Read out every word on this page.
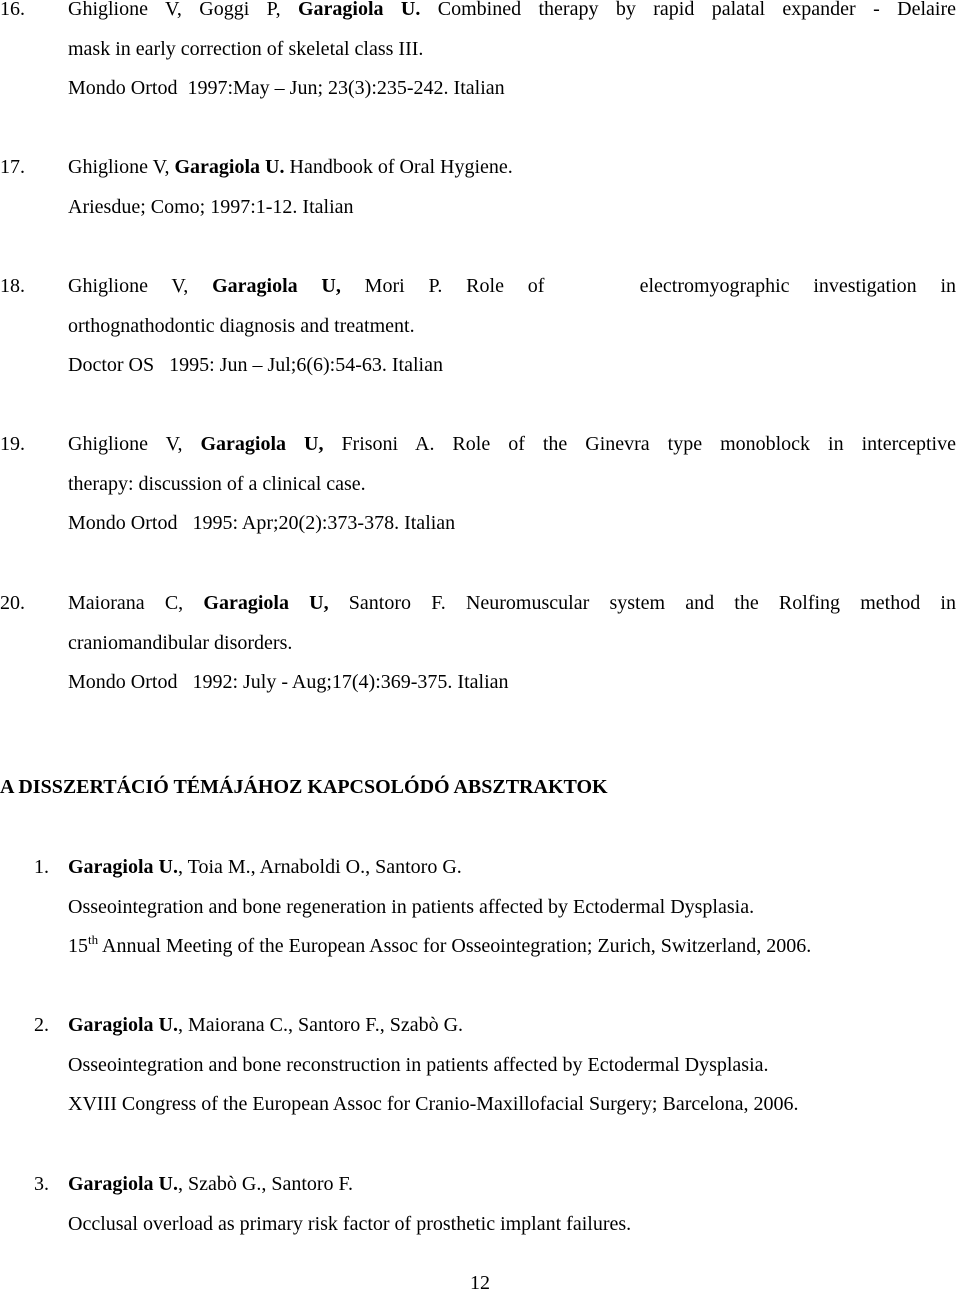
16.	Ghiglione V, Goggi P, Garagiola U. Combined therapy by rapid palatal expander - Delaire
mask in early correction of skeletal class III.
Mondo Ortod  1997:May – Jun; 23(3):235-242. Italian
17.	Ghiglione V, Garagiola U. Handbook of Oral Hygiene.
Ariesdue; Como; 1997:1-12. Italian
18.	Ghiglione V, Garagiola U, Mori P. Role of    electromyographic investigation in
orthognathodontic diagnosis and treatment.
Doctor OS   1995: Jun – Jul;6(6):54-63. Italian
19.	Ghiglione V, Garagiola U, Frisoni A. Role of the Ginevra type monoblock in interceptive
therapy: discussion of a clinical case.
Mondo Ortod   1995: Apr;20(2):373-378. Italian
20.	Maiorana C, Garagiola U, Santoro F. Neuromuscular system and the Rolfing method in
craniomandibular disorders.
Mondo Ortod   1992: July - Aug;17(4):369-375. Italian
A DISSZERTÁCIÓ TÉMÁJÁHOZ KAPCSOLÓDÓ ABSZTRAKTOK
1. Garagiola U., Toia M., Arnaboldi O., Santoro G.
Osseointegration and bone regeneration in patients affected by Ectodermal Dysplasia.
15th Annual Meeting of the European Assoc for Osseointegration; Zurich, Switzerland, 2006.
2. Garagiola U., Maiorana C., Santoro F., Szabò G.
Osseointegration and bone reconstruction in patients affected by Ectodermal Dysplasia.
XVIII Congress of the European Assoc for Cranio-Maxillofacial Surgery; Barcelona, 2006.
3. Garagiola U., Szabò G., Santoro F.
Occlusal overload as primary risk factor of prosthetic implant failures.
12
